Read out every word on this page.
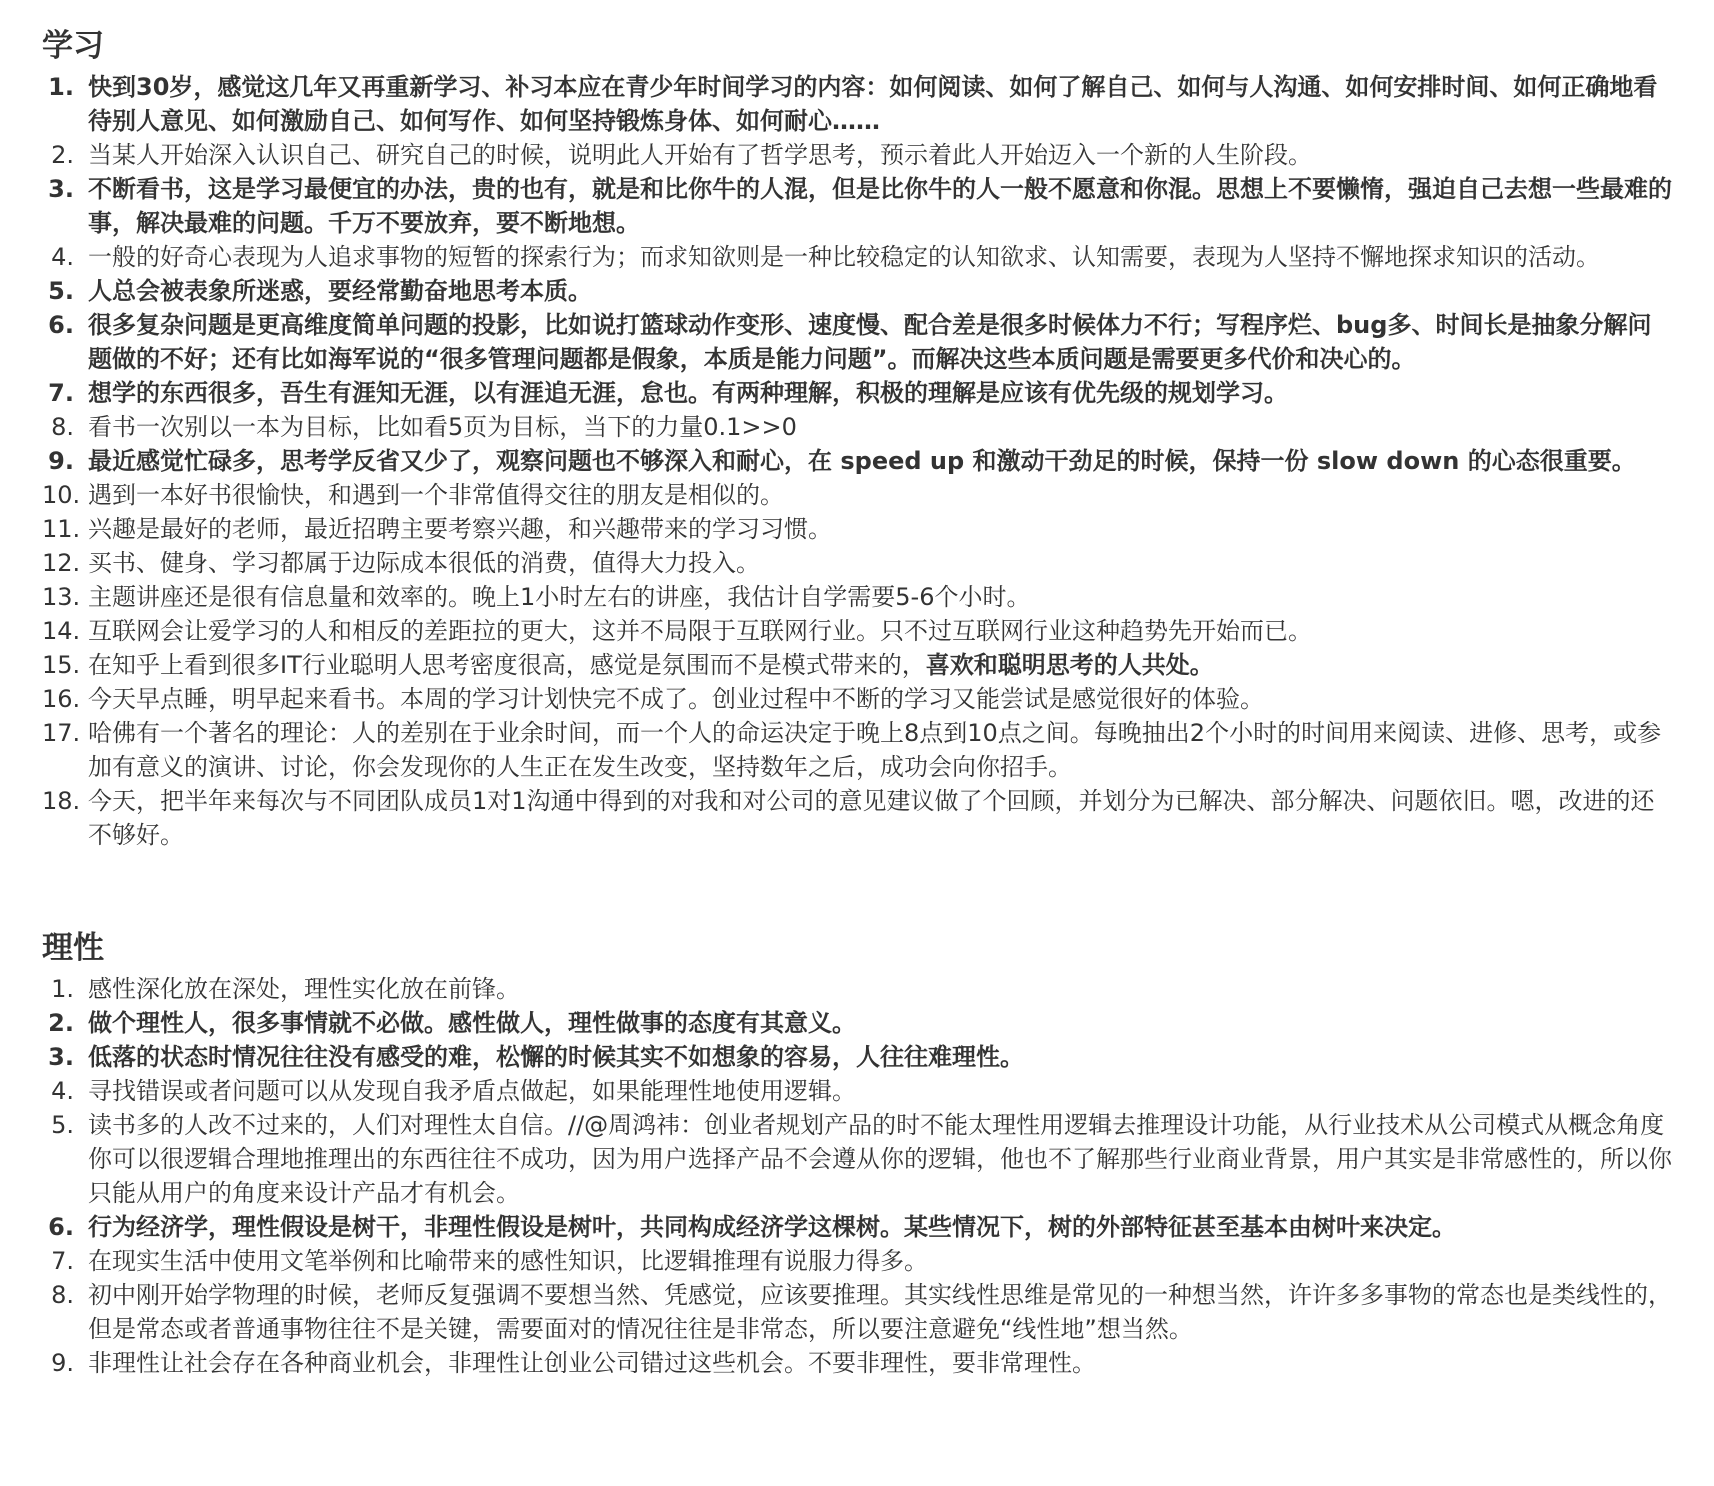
学习
1. 快到30岁，感觉这几年又再重新学习、补习本应在青少年时间学习的内容：如何阅读、如何了解自己、如何与人沟通、如何安排时间、如何正确地看待别人意见、如何激励自己、如何写作、如何坚持锻炼身体、如何耐心……
2. 当某人开始深入认识自己、研究自己的时候，说明此人开始有了哲学思考，预示着此人开始迈入一个新的人生阶段。
3. 不断看书，这是学习最便宜的办法，贵的也有，就是和比你牛的人混，但是比你牛的人一般不愿意和你混。思想上不要懒惰，强迫自己去想一些最难的事，解决最难的问题。千万不要放弃，要不断地想。
4. 一般的好奇心表现为人追求事物的短暂的探索行为；而求知欲则是一种比较稳定的认知欲求、认知需要，表现为人坚持不懈地探求知识的活动。
5. 人总会被表象所迷惑，要经常勤奋地思考本质。
6. 很多复杂问题是更高维度简单问题的投影，比如说打篮球动作变形、速度慢、配合差是很多时候体力不行；写程序烂、bug多、时间长是抽象分解问题做的不好；还有比如海军说的“很多管理问题都是假象，本质是能力问题”。而解决这些本质问题是需要更多代价和决心的。
7. 想学的东西很多，吾生有涯知无涯，以有涯追无涯，怠也。有两种理解，积极的理解是应该有优先级的规划学习。
8. 看书一次别以一本为目标，比如看5页为目标，当下的力量0.1>>0
9. 最近感觉忙碌多，思考学反省又少了，观察问题也不够深入和耐心，在 speed up 和激动干劲足的时候，保持一份 slow down 的心态很重要。
10. 遇到一本好书很愉快，和遇到一个非常值得交往的朋友是相似的。
11. 兴趣是最好的老师，最近招聘主要考察兴趣，和兴趣带来的学习习惯。
12. 买书、健身、学习都属于边际成本很低的消费，值得大力投入。
13. 主题讲座还是很有信息量和效率的。晚上1小时左右的讲座，我估计自学需要5-6个小时。
14. 互联网会让爱学习的人和相反的差距拉的更大，这并不局限于互联网行业。只不过互联网行业这种趋势先开始而已。
15. 在知乎上看到很多IT行业聪明人思考密度很高，感觉是氛围而不是模式带来的，喜欢和聪明思考的人共处。
16. 今天早点睡，明早起来看书。本周的学习计划快完不成了。创业过程中不断的学习又能尝试是感觉很好的体验。
17. 哈佛有一个著名的理论：人的差别在于业余时间，而一个人的命运决定于晚上8点到10点之间。每晚抽出2个小时的时间用来阅读、进修、思考，或参加有意义的演讲、讨论，你会发现你的人生正在发生改变，坚持数年之后，成功会向你招手。
18. 今天，把半年来每次与不同团队成员1对1沟通中得到的对我和对公司的意见建议做了个回顾，并划分为已解决、部分解决、问题依旧。嗯，改进的还不够好。
理性
1. 感性深化放在深处，理性实化放在前锋。
2. 做个理性人，很多事情就不必做。感性做人，理性做事的态度有其意义。
3. 低落的状态时情况往往没有感受的难，松懈的时候其实不如想象的容易，人往往难理性。
4. 寻找错误或者问题可以从发现自我矛盾点做起，如果能理性地使用逻辑。
5. 读书多的人改不过来的，人们对理性太自信。//@周鸿祎：创业者规划产品的时不能太理性用逻辑去推理设计功能，从行业技术从公司模式从概念角度你可以很逻辑合理地推理出的东西往往不成功，因为用户选择产品不会遵从你的逻辑，他也不了解那些行业商业背景，用户其实是非常感性的，所以你只能从用户的角度来设计产品才有机会。
6. 行为经济学，理性假设是树干，非理性假设是树叶，共同构成经济学这棵树。某些情况下，树的外部特征甚至基本由树叶来决定。
7. 在现实生活中使用文笔举例和比喻带来的感性知识，比逻辑推理有说服力得多。
8. 初中刚开始学物理的时候，老师反复强调不要想当然、凭感觉，应该要推理。其实线性思维是常见的一种想当然，许许多多事物的常态也是类线性的，但是常态或者普通事物往往不是关键，需要面对的情况往往是非常态，所以要注意避免“线性地”想当然。
9. 非理性让社会存在各种商业机会，非理性让创业公司错过这些机会。不要非理性，要非常理性。
